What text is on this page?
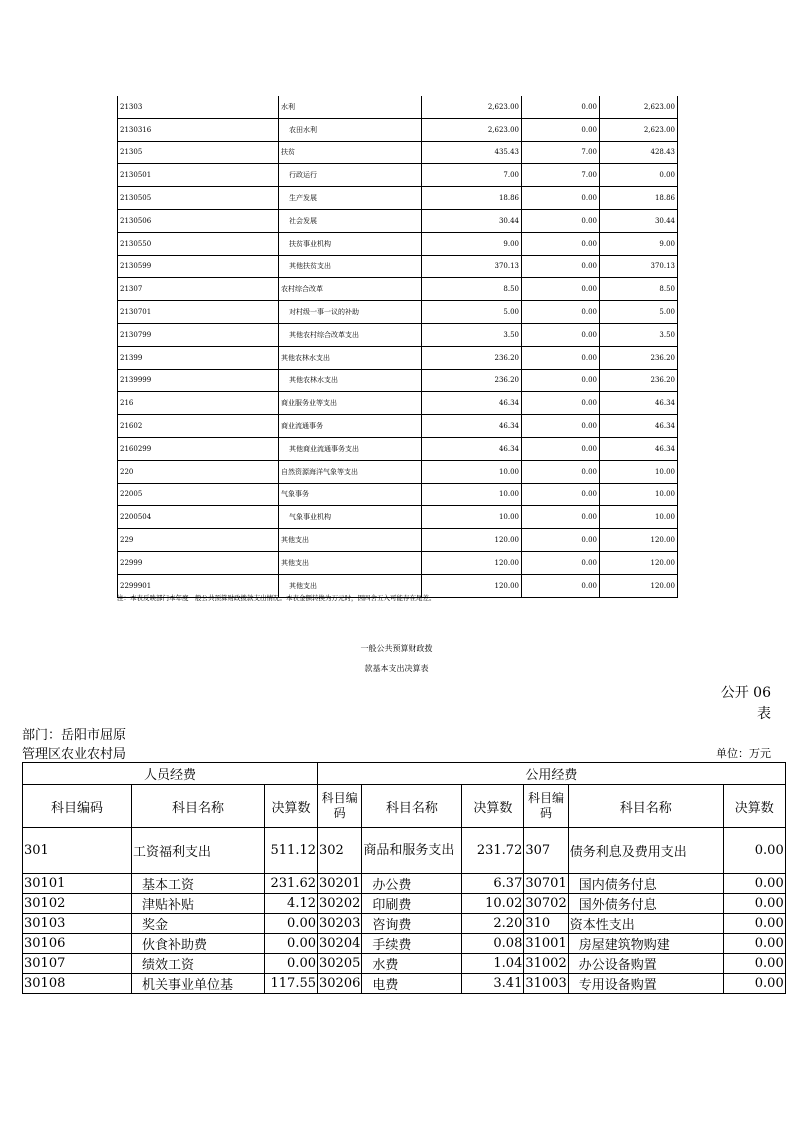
21303	水利	2,623.00	0.00	2,623.00
2130316	农田水利	2,623.00	0.00	2,623.00
21305	扶贫	435.43	7.00	428.43
2130501	行政运行	7.00	7.00	0.00
2130505	生产发展	18.86	0.00	18.86
2130506	社会发展	30.44	0.00	30.44
2130550	扶贫事业机构	9.00	0.00	9.00
2130599	其他扶贫支出	370.13	0.00	370.13
21307	农村综合改革	8.50	0.00	8.50
2130701	对村级一事一议的补助	5.00	0.00	5.00
2130799	其他农村综合改革支出	3.50	0.00	3.50
21399	其他农林水支出	236.20	0.00	236.20
2139999	其他农林水支出	236.20	0.00	236.20
216	商业服务业等支出	46.34	0.00	46.34
21602	商业流通事务	46.34	0.00	46.34
2160299	其他商业流通事务支出	46.34	0.00	46.34
220	自然资源海洋气象等支出	10.00	0.00	10.00
22005	气象事务	10.00	0.00	10.00
2200504	气象事业机构	10.00	0.00	10.00
229	其他支出	120.00	0.00	120.00
22999	其他支出	120.00	0.00	120.00
2299901	其他支出	120.00	0.00	120.00
注：本表反映部门本年度一般公共预算财政拨款支出情况。本表金额转换为万元时，因四舍五入可能存在尾差。
一般公共预算财政拨
款基本支出决算表
公开 06
表
部门：岳阳市屈原
管理区农业农村局	单位：万元
人员经费			公用经费					
科目编码	科目名称	决算数	科目编码	科目名称	决算数	科目编码	科目名称	决算数
301	工资福利支出	511.12	302	商品和服务支出	231.72	307	债务利息及费用支出	0.00
30101	基本工资	231.62	30201	办公费	6.37	30701	国内债务付息	0.00
30102	津贴补贴	4.12	30202	印刷费	10.02	30702	国外债务付息	0.00
30103	奖金	0.00	30203	咨询费	2.20	310	资本性支出	0.00
30106	伙食补助费	0.00	30204	手续费	0.08	31001	房屋建筑物购建	0.00
30107	绩效工资	0.00	30205	水费	1.04	31002	办公设备购置	0.00
30108	机关事业单位基	117.55	30206	电费	3.41	31003	专用设备购置	0.00
